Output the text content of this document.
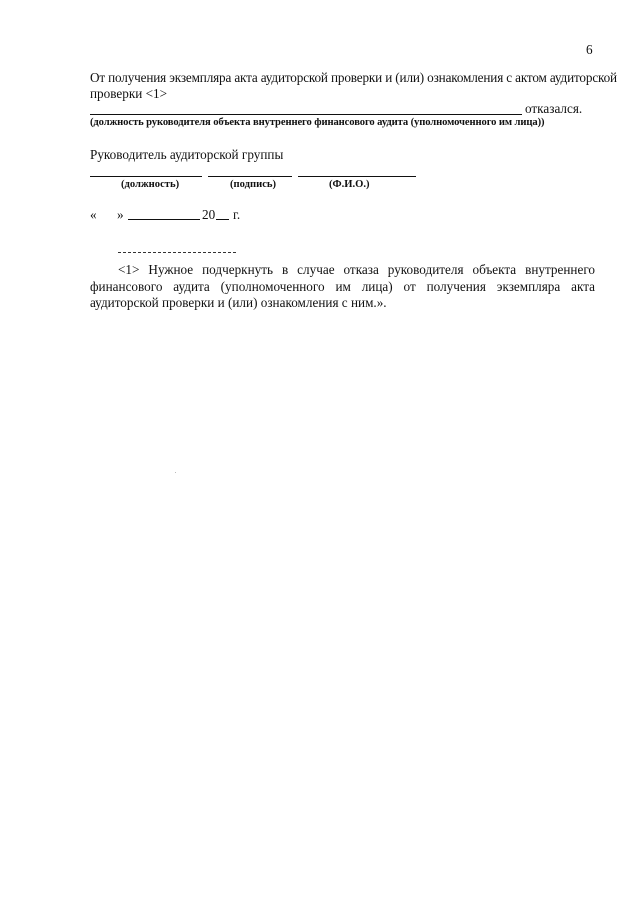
6
От получения экземпляра акта аудиторской проверки и (или) ознакомления с актом аудиторской
проверки <1>
отказался.
(должность руководителя объекта внутреннего финансового аудита (уполномоченного им лица))
Руководитель аудиторской группы
(должность)	(подпись)	(Ф.И.О.)
« »	20 г.
<1> Нужное подчеркнуть в случае отказа руководителя объекта внутреннего финансового аудита (уполномоченного им лица) от получения экземпляра акта аудиторской проверки и (или) ознакомления с ним.».
